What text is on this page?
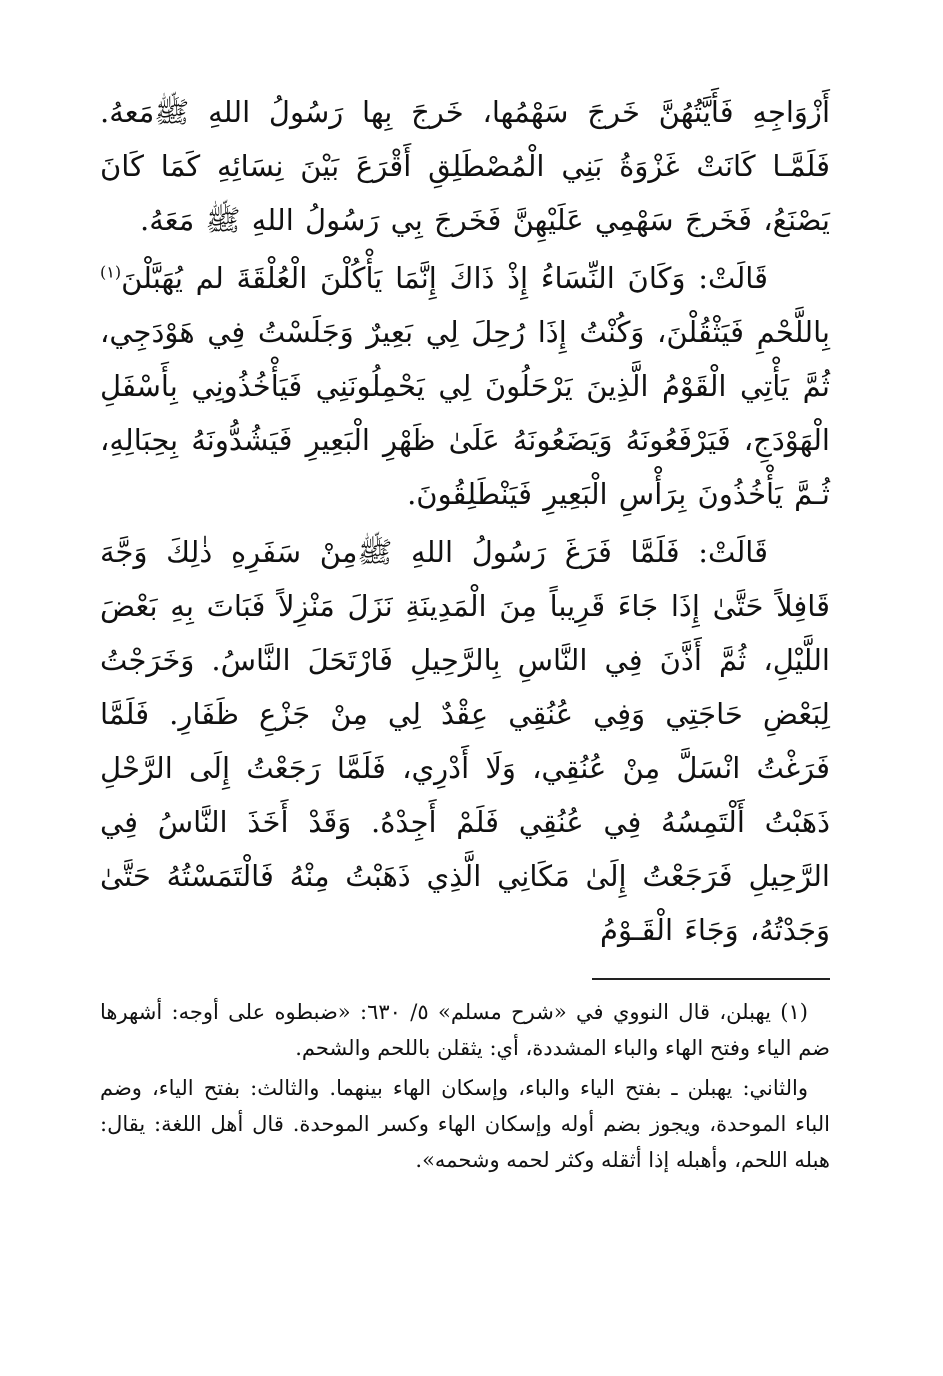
أَزْوَاجِهِ فَأَيَّتُهُنَّ خَرجَ سَهْمُها، خَرجَ بِها رَسُولُ اللهِ ﷺمَعهُ. فَلَمَّـا كَانَتْ غَزْوَةُ بَنِي الْمُصْطَلِقِ أَقْرَعَ بَيْنَ نِسَائِهِ كَمَا كَانَ يَصْنَعُ، فَخَرجَ سَهْمِي عَلَيْهِنَّ فَخَرجَ بِي رَسُولُ اللهِ ﷺ مَعَهُ.

قَالَتْ: وَكَانَ النِّسَاءُ إِذْ ذَاكَ إِنَّمَا يَأْكُلْنَ الْعُلْقَةَ لم يُهَبَّلْنَ$^{(١)}$ بِاللَّحْمِ فَيَثْقُلْنَ، وَكُنْتُ إِذَا رُحِلَ لِي بَعِيرٌ وَجَلَسْتُ فِي هَوْدَجِي، ثُمَّ يَأْتِي الْقَوْمُ الَّذِينَ يَرْحَلُونَ لِي يَحْمِلُونَنِي فَيَأْخُذُونِي بِأَسْفَلِ الْهَوْدَجِ، فَيَرْفَعُونَهُ وَيَضَعُونَهُ عَلَىٰ ظَهْرِ الْبَعِيرِ فَيَشُدُّونَهُ بِحِبَالِهِ، ثُـمَّ يَأْخُذُونَ بِرَأْسِ الْبَعِيرِ فَيَنْطَلِقُونَ.

قَالَتْ: فَلَمَّا فَرَغَ رَسُولُ اللهِ ﷺمِنْ سَفَرِهِ ذٰلِكَ وَجَّهَ قَافِلاً حَتَّىٰ إِذَا جَاءَ قَرِيباً مِنَ الْمَدِينَةِ نَزَلَ مَنْزِلاً فَبَاتَ بِهِ بَعْضَ اللَّيْلِ، ثُمَّ أَذَّنَ فِي النَّاسِ بِالرَّحِيلِ فَارْتَحَلَ النَّاسُ. وَخَرَجْتُ لِبَعْضِ حَاجَتِي وَفِي عُنُقِي عِقْدٌ لِي مِنْ جَزْعِ ظَفَارِ. فَلَمَّا فَرَغْتُ انْسَلَّ مِنْ عُنُقِي، وَلَا أَدْرِي، فَلَمَّا رَجَعْتُ إِلَى الرَّحْلِ ذَهَبْتُ أَلْتَمِسُهُ فِي عُنُقِي فَلَمْ أَجِدْهُ. وَقَدْ أَخَذَ النَّاسُ فِي الرَّحِيلِ فَرَجَعْتُ إِلَىٰ مَكَانِي الَّذِي ذَهَبْتُ مِنْهُ فَالْتَمَسْتُهُ حَتَّىٰ وَجَدْتُهُ، وَجَاءَ الْقَـوْمُ

(١) يهبلن، قال النووي في «شرح مسلم» ٥/ ٦٣٠: «ضبطوه على أوجه: أشهرها ضم الياء وفتح الهاء والباء المشددة، أي: يثقلن باللحم والشحم.

والثاني: يهبلن ـ بفتح الياء والباء، وإسكان الهاء بينهما. والثالث: بفتح الياء، وضم الباء الموحدة، ويجوز بضم أوله وإسكان الهاء وكسر الموحدة. قال أهل اللغة: يقال: هبله اللحم، وأهبله إذا أثقله وكثر لحمه وشحمه».
